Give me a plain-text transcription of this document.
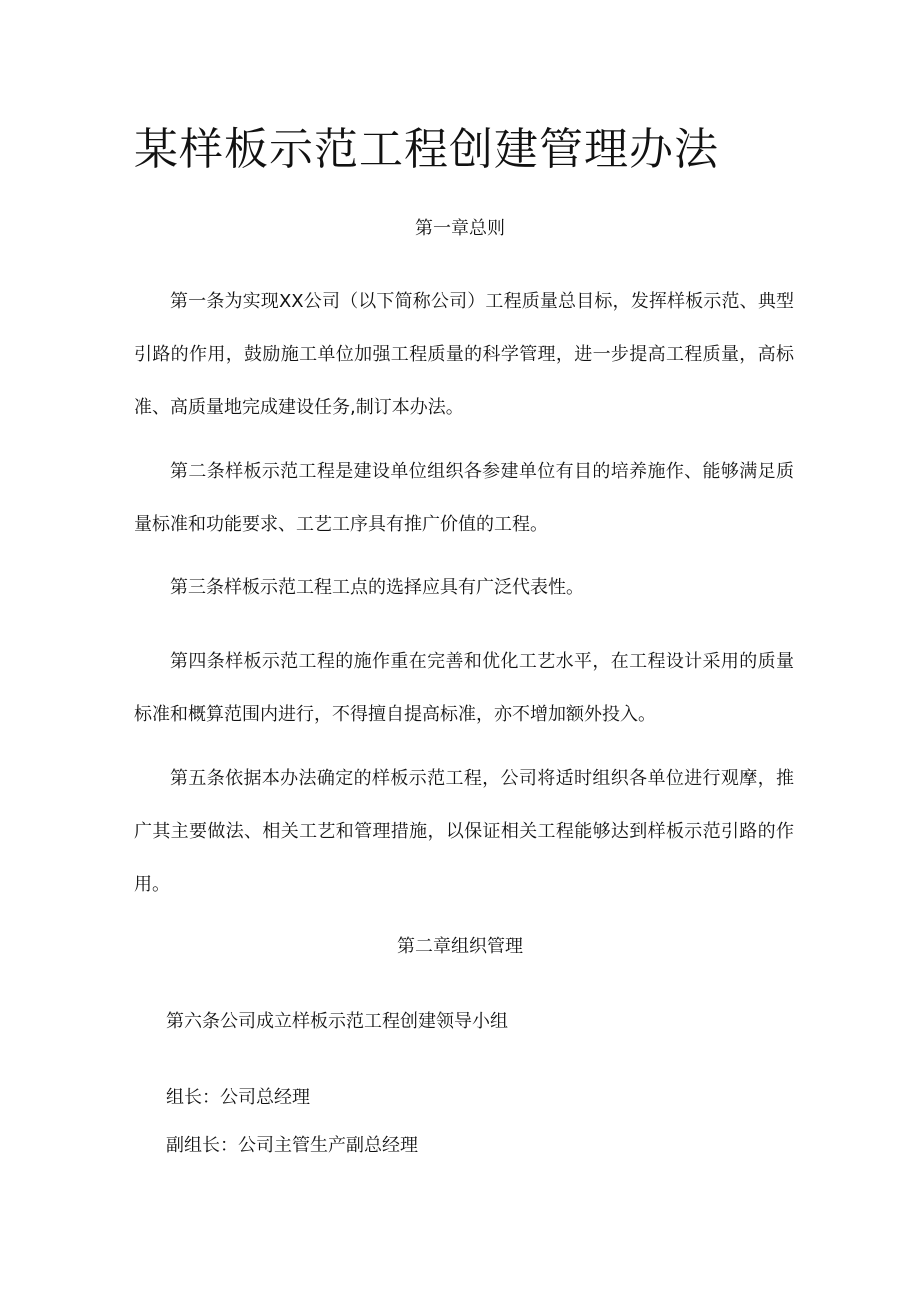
某样板示范工程创建管理办法
第一章总则

第一条为实现XX公司（以下简称公司）工程质量总目标，发挥样板示范、典型引路的作用，鼓励施工单位加强工程质量的科学管理，进一步提高工程质量，高标准、高质量地完成建设任务,制订本办法。

第二条样板示范工程是建设单位组织各参建单位有目的培养施作、能够满足质量标准和功能要求、工艺工序具有推广价值的工程。

第三条样板示范工程工点的选择应具有广泛代表性。

第四条样板示范工程的施作重在完善和优化工艺水平，在工程设计采用的质量标准和概算范围内进行，不得擅自提高标准，亦不增加额外投入。

第五条依据本办法确定的样板示范工程，公司将适时组织各单位进行观摩，推广其主要做法、相关工艺和管理措施，以保证相关工程能够达到样板示范引路的作用。

第二章组织管理

第六条公司成立样板示范工程创建领导小组

组长：公司总经理

副组长：公司主管生产副总经理
